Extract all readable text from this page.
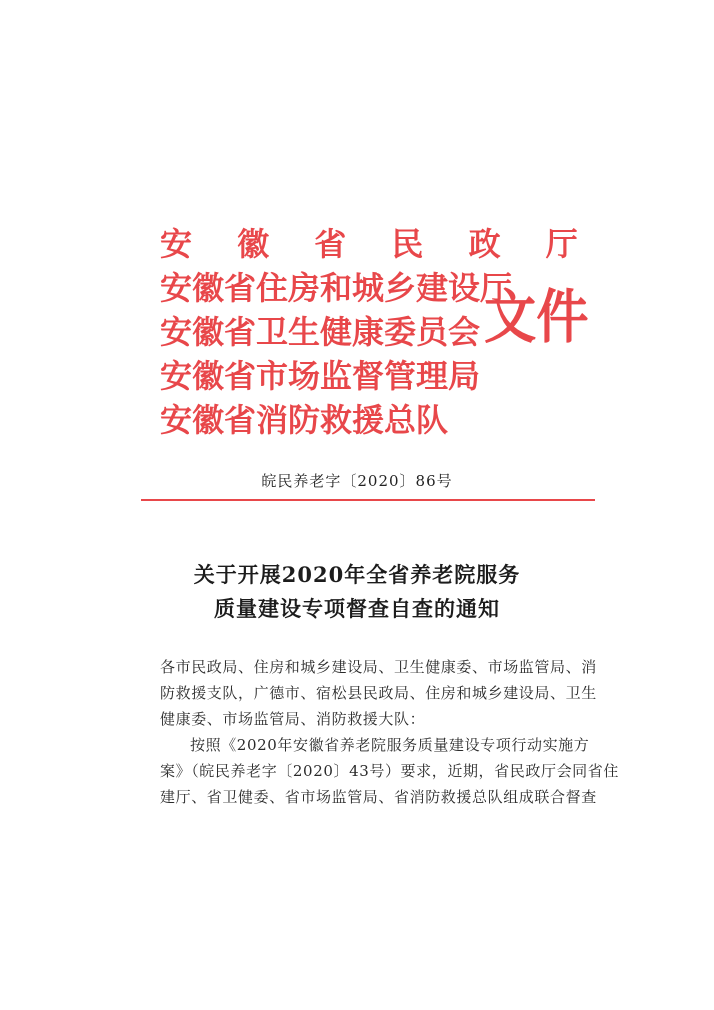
安 徽 省 民 政 厅
安徽省住房和城乡建设厅
安徽省卫生健康委员会
安徽省市场监督管理局
安徽省消防救援总队
文件
皖民养老字〔2020〕86号
关于开展2020年全省养老院服务
质量建设专项督查自查的通知
各市民政局、住房和城乡建设局、卫生健康委、市场监管局、消
防救援支队，广德市、宿松县民政局、住房和城乡建设局、卫生
健康委、市场监管局、消防救援大队：
按照《2020年安徽省养老院服务质量建设专项行动实施方
案》（皖民养老字〔2020〕43号）要求，近期，省民政厅会同省住
建厅、省卫健委、省市场监管局、省消防救援总队组成联合督查
